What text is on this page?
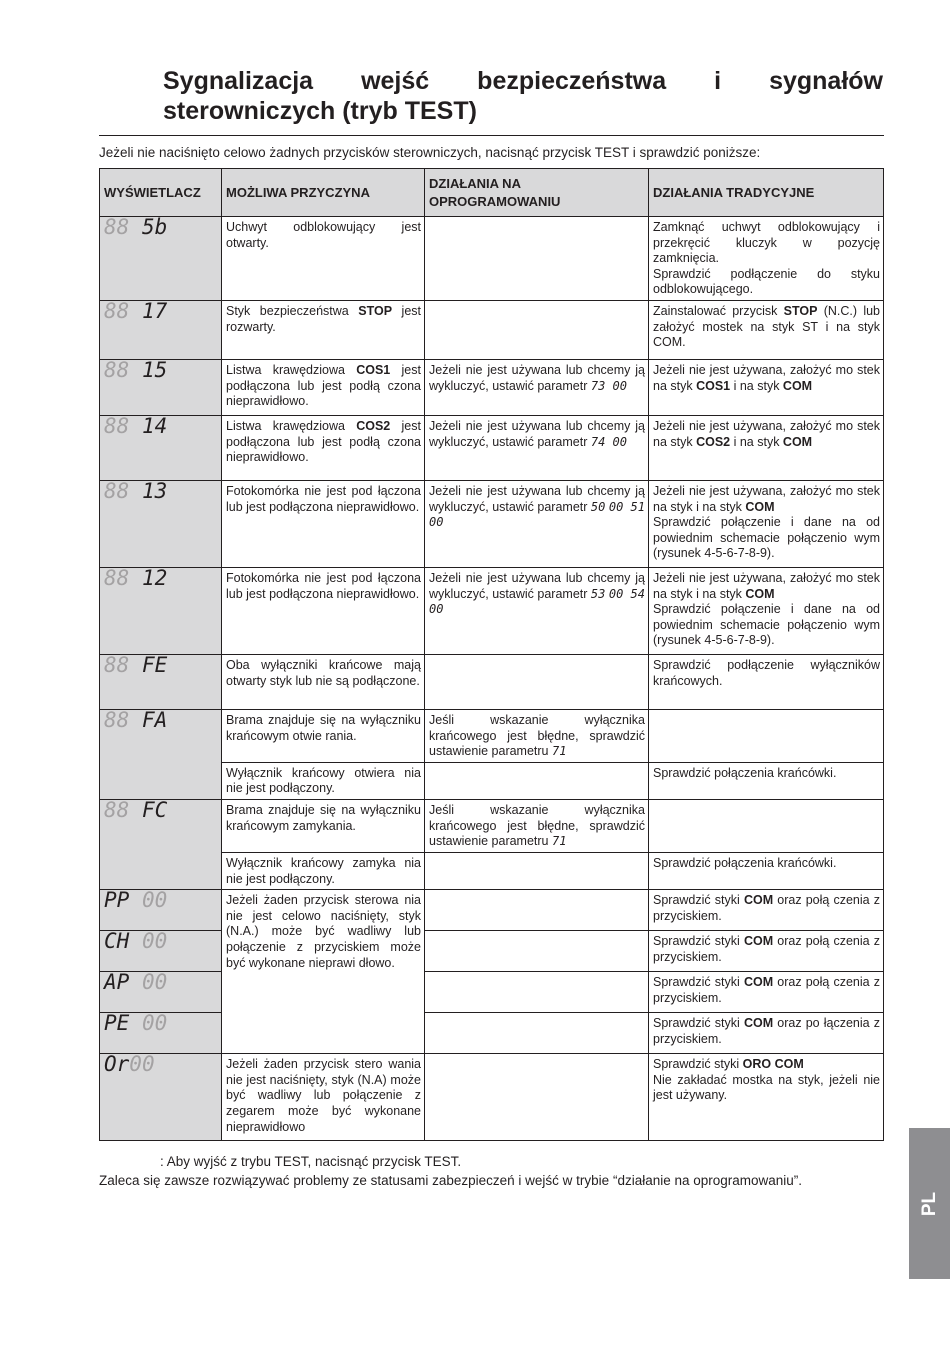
Sygnalizacja wejść bezpieczeństwa i sygnałów sterowniczych (tryb TEST)
Jeżeli nie naciśnięto celowo żadnych przycisków sterowniczych, nacisnąć przycisk TEST i sprawdzić poniższe:
WYŚWIETLACZ	MOŻLIWA PRZYCZYNA	DZIAŁANIA NA OPROGRAMOWANIU	DZIAŁANIA TRADYCYJNE
88 5b	Uchwyt odblokowujący jest otwarty.		Zamknąć uchwyt odblokowujący i przekręcić kluczyk w pozycję zamknięcia.
Sprawdzić podłączenie do styku odblokowującego.
88 17	Styk bezpieczeństwa STOP jest rozwarty.		Zainstalować przycisk STOP (N.C.) lub założyć mostek na styk ST i na styk COM.
88 15	Listwa krawędziowa COS1 jest podłączona lub jest podłą czona nieprawidłowo.	Jeżeli nie jest używana lub chcemy ją wykluczyć, ustawić parametr 73 00	Jeżeli nie jest używana, założyć mo stek na styk COS1 i na styk COM
88 14	Listwa krawędziowa COS2 jest podłączona lub jest podłą czona nieprawidłowo.	Jeżeli nie jest używana lub chcemy ją wykluczyć, ustawić parametr 74 00	Jeżeli nie jest używana, założyć mo stek na styk COS2 i na styk COM
88 13	Fotokomórka nie jest pod łączona lub jest podłączona nieprawidłowo.	Jeżeli nie jest używana lub chcemy ją wykluczyć, ustawić parametr 50 00 51 00	Jeżeli nie jest używana, założyć mo stek na styk i na styk COM
Sprawdzić połączenie i dane na od powiednim schemacie połączenio wym (rysunek 4-5-6-7-8-9).
88 12	Fotokomórka nie jest pod łączona lub jest podłączona nieprawidłowo.	Jeżeli nie jest używana lub chcemy ją wykluczyć, ustawić parametr 53 00 54 00	Jeżeli nie jest używana, założyć mo stek na styk i na styk COM
Sprawdzić połączenie i dane na od powiednim schemacie połączenio wym (rysunek 4-5-6-7-8-9).
88 FE	Oba wyłączniki krańcowe mają otwarty styk lub nie są podłączone.		Sprawdzić podłączenie wyłączników krańcowych.
88 FA	Brama znajduje się na wyłączniku krańcowym otwie rania.	Jeśli wskazanie wyłącznika krańcowego jest błędne, sprawdzić ustawienie parametru 71	
	Wyłącznik krańcowy otwiera nia nie jest podłączony.		Sprawdzić połączenia krańcówki.
88 FC	Brama znajduje się na wyłączniku krańcowym zamykania.	Jeśli wskazanie wyłącznika krańcowego jest błędne, sprawdzić ustawienie parametru 71	
	Wyłącznik krańcowy zamyka nia nie jest podłączony.		Sprawdzić połączenia krańcówki.
PP 00	Jeżeli żaden przycisk sterowa nia nie jest celowo naciśnięty, styk (N.A.) może być wadliwy lub połączenie z przyciskiem może być wykonane nieprawi dłowo.		Sprawdzić styki COM oraz połą czenia z przyciskiem.
CH 00			Sprawdzić styki COM oraz połą czenia z przyciskiem.
AP 00			Sprawdzić styki COM oraz połą czenia z przyciskiem.
PE 00			Sprawdzić styki COM oraz po łączenia z przyciskiem.
Or00	Jeżeli żaden przycisk stero wania nie jest naciśnięty, styk (N.A) może być wadliwy lub połączenie z zegarem może być wykonane nieprawidłowo		Sprawdzić styki ORO COM
Nie zakładać mostka na styk, jeżeli nie jest używany.
: Aby wyjść z trybu TEST, nacisnąć przycisk TEST.
Zaleca się zawsze rozwiązywać problemy ze statusami zabezpieczeń i wejść w trybie “działanie na oprogramowaniu”.
PL
